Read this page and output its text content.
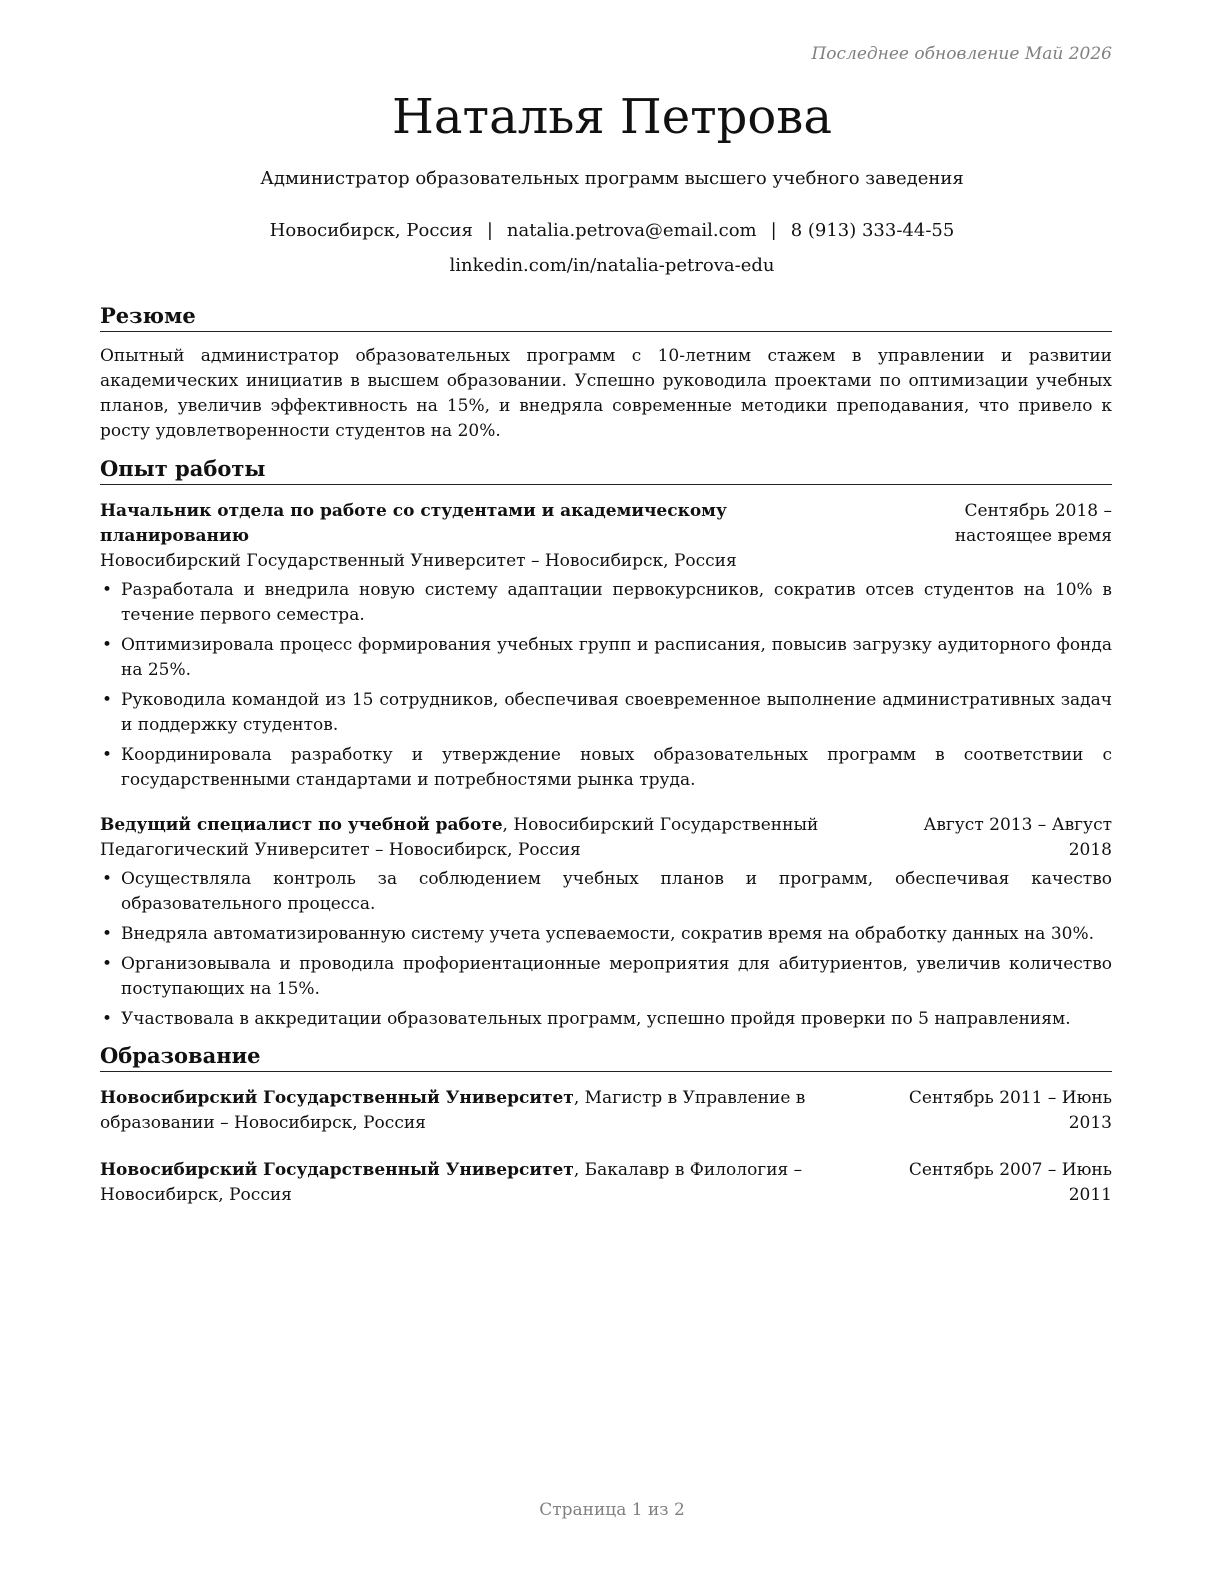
Последнее обновление Май 2026
Наталья Петрова
Администратор образовательных программ высшего учебного заведения
Новосибирск, Россия | natalia.petrova@email.com | 8 (913) 333-44-55
linkedin.com/in/natalia-petrova-edu
Резюме
Опытный администратор образовательных программ с 10-летним стажем в управлении и развитии академических инициатив в высшем образовании. Успешно руководила проектами по оптимизации учебных планов, увеличив эффективность на 15%, и внедряла современные методики преподавания, что привело к росту удовлетворенности студентов на 20%.
Опыт работы
Начальник отдела по работе со студентами и академическому планированию
Новосибирский Государственный Университет – Новосибирск, Россия
Сентябрь 2018 – настоящее время
• Разработала и внедрила новую систему адаптации первокурсников, сократив отсев студентов на 10% в течение первого семестра.
• Оптимизировала процесс формирования учебных групп и расписания, повысив загрузку аудиторного фонда на 25%.
• Руководила командой из 15 сотрудников, обеспечивая своевременное выполнение административных задач и поддержку студентов.
• Координировала разработку и утверждение новых образовательных программ в соответствии с государственными стандартами и потребностями рынка труда.
Ведущий специалист по учебной работе, Новосибирский Государственный Педагогический Университет – Новосибирск, Россия
Август 2013 – Август 2018
• Осуществляла контроль за соблюдением учебных планов и программ, обеспечивая качество образовательного процесса.
• Внедряла автоматизированную систему учета успеваемости, сократив время на обработку данных на 30%.
• Организовывала и проводила профориентационные мероприятия для абитуриентов, увеличив количество поступающих на 15%.
• Участвовала в аккредитации образовательных программ, успешно пройдя проверки по 5 направлениям.
Образование
Новосибирский Государственный Университет, Магистр в Управление в образовании – Новосибирск, Россия
Сентябрь 2011 – Июнь 2013
Новосибирский Государственный Университет, Бакалавр в Филология – Новосибирск, Россия
Сентябрь 2007 – Июнь 2011
Страница 1 из 2
